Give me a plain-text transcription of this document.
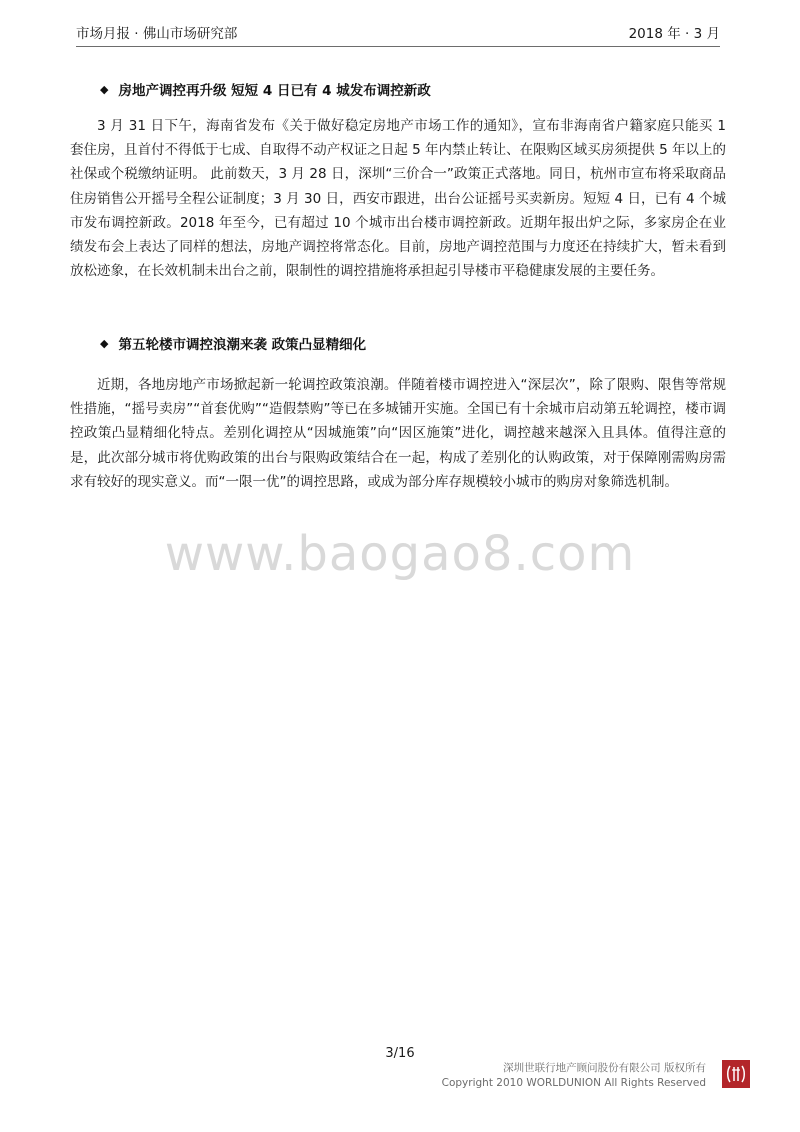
市场月报 · 佛山市场研究部	2018 年 · 3 月
◆ 房地产调控再升级 短短 4 日已有 4 城发布调控新政
3 月 31 日下午，海南省发布《关于做好稳定房地产市场工作的通知》，宣布非海南省户籍家庭只能买 1 套住房，且首付不得低于七成、自取得不动产权证之日起 5 年内禁止转让、在限购区域买房须提供 5 年以上的社保或个税缴纳证明。 此前数天，3 月 28 日，深圳“三价合一”政策正式落地。同日，杭州市宣布将采取商品住房销售公开摇号全程公证制度；3 月 30 日，西安市跟进，出台公证摇号买卖新房。短短 4 日，已有 4 个城市发布调控新政。2018 年至今，已有超过 10 个城市出台楼市调控新政。近期年报出炉之际，多家房企在业绩发布会上表达了同样的想法，房地产调控将常态化。目前，房地产调控范围与力度还在持续扩大，暂未看到放松迹象，在长效机制未出台之前，限制性的调控措施将承担起引导楼市平稳健康发展的主要任务。
◆ 第五轮楼市调控浪潮来袭 政策凸显精细化
近期，各地房地产市场掀起新一轮调控政策浪潮。伴随着楼市调控进入“深层次”，除了限购、限售等常规性措施，“摇号卖房”“首套优购”“造假禁购”等已在多城铺开实施。全国已有十余城市启动第五轮调控，楼市调控政策凸显精细化特点。差别化调控从“因城施策”向“因区施策”进化，调控越来越深入且具体。值得注意的是，此次部分城市将优购政策的出台与限购政策结合在一起，构成了差别化的认购政策，对于保障刚需购房需求有较好的现实意义。而“一限一优”的调控思路，或成为部分库存规模较小城市的购房对象筛选机制。
www.baogao8.com
3/16
深圳世联行地产顾问股份有限公司 版权所有
Copyright 2010 WORLDUNION All Rights Reserved
